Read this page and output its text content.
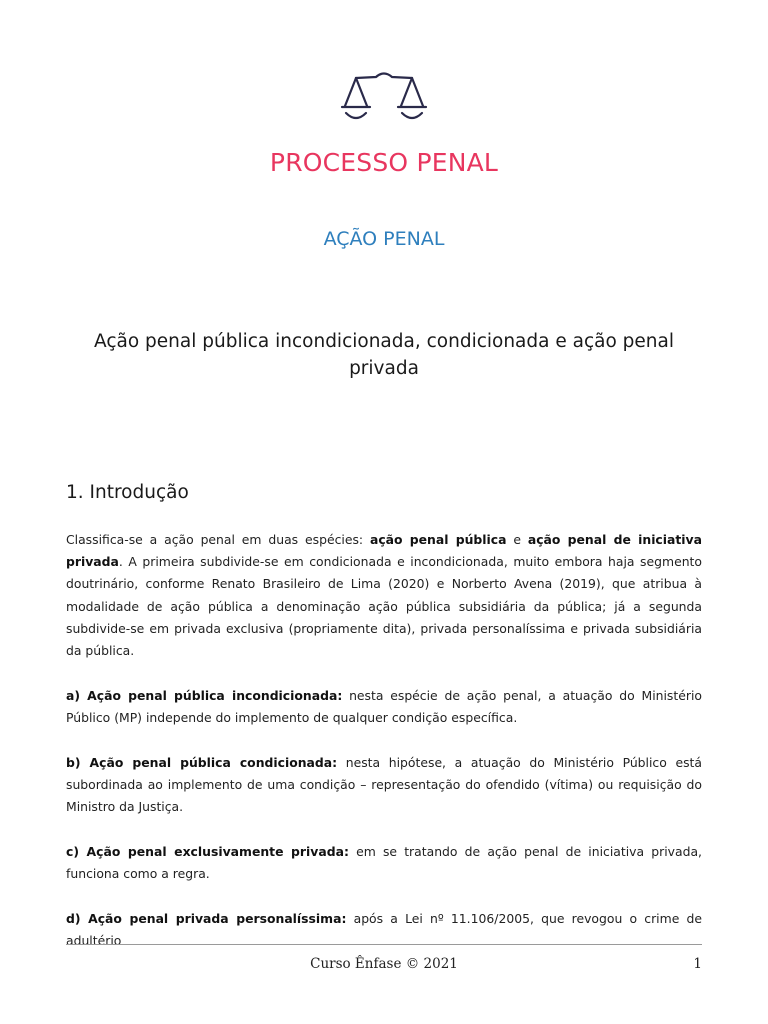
PROCESSO PENAL
AÇÃO PENAL
Ação penal pública incondicionada, condicionada e ação penal privada
1. Introdução

Classifica-se a ação penal em duas espécies: ação penal pública e ação penal de iniciativa privada. A primeira subdivide-se em condicionada e incondicionada, muito embora haja segmento doutrinário, conforme Renato Brasileiro de Lima (2020) e Norberto Avena (2019), que atribua à modalidade de ação pública a denominação ação pública subsidiária da pública; já a segunda subdivide-se em privada exclusiva (propriamente dita), privada personalíssima e privada subsidiária da pública.

a) Ação penal pública incondicionada: nesta espécie de ação penal, a atuação do Ministério Público (MP) independe do implemento de qualquer condição específica.

b) Ação penal pública condicionada: nesta hipótese, a atuação do Ministério Público está subordinada ao implemento de uma condição – representação do ofendido (vítima) ou requisição do Ministro da Justiça.

c) Ação penal exclusivamente privada: em se tratando de ação penal de iniciativa privada, funciona como a regra.

d) Ação penal privada personalíssima: após a Lei nº 11.106/2005, que revogou o crime de adultério

Curso Ênfase © 2021	1
